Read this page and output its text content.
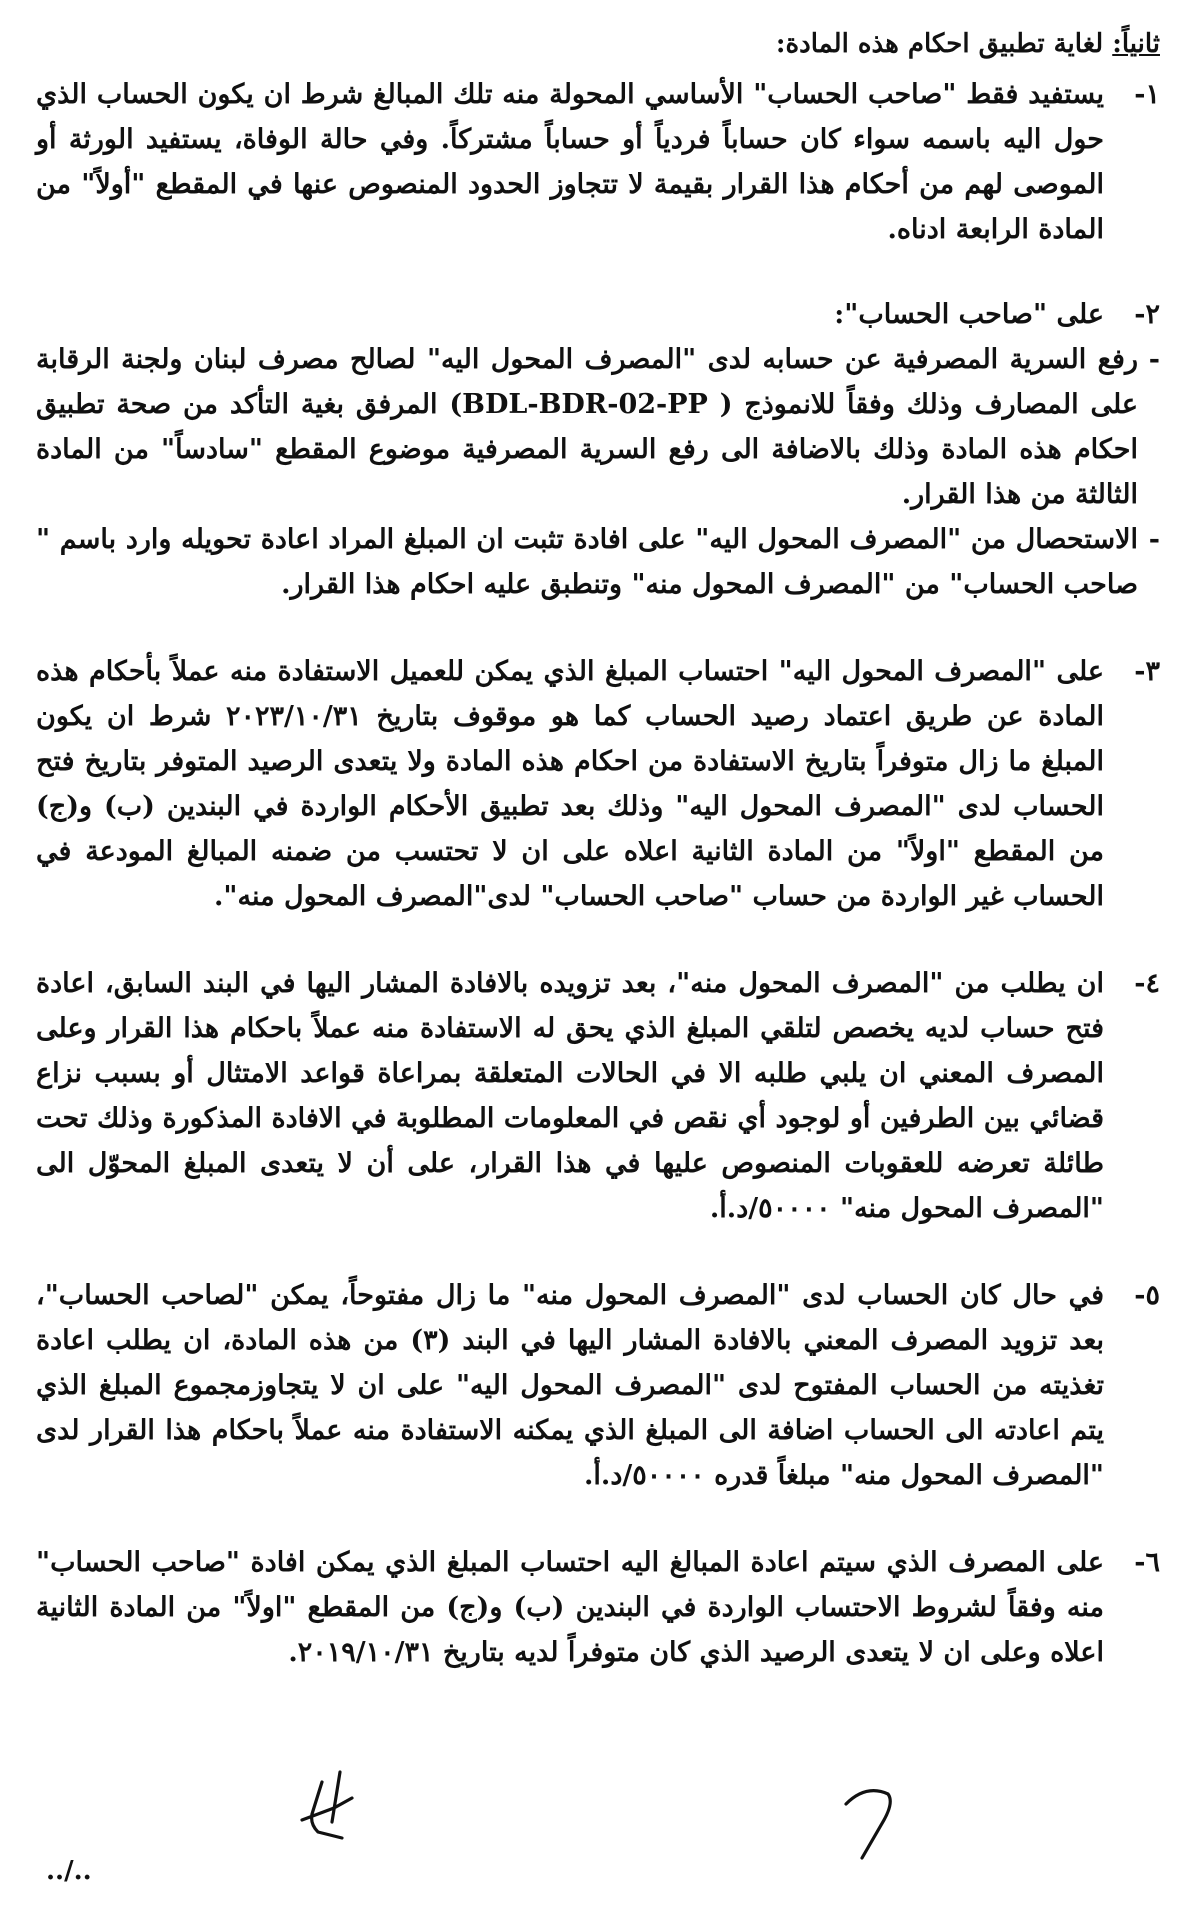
ثانياً: لغاية تطبيق احكام هذه المادة:
١-
يستفيد فقط "صاحب الحساب" الأساسي المحولة منه تلك المبالغ شرط ان يكون الحساب الذي حول اليه باسمه سواء كان حساباً فردياً أو حساباً مشتركاً. وفي حالة الوفاة، يستفيد الورثة أو الموصى لهم من أحكام هذا القرار بقيمة لا تتجاوز الحدود المنصوص عنها في المقطع "أولاً" من المادة الرابعة ادناه.
٢-
على "صاحب الحساب":
-
رفع السرية المصرفية عن حسابه لدى "المصرف المحول اليه" لصالح مصرف لبنان ولجنة الرقابة على المصارف وذلك وفقاً للانموذج ( BDL-BDR-02-PP) المرفق بغية التأكد من صحة تطبيق احكام هذه المادة وذلك بالاضافة الى رفع السرية المصرفية موضوع المقطع "سادساً" من المادة الثالثة من هذا القرار.
-
الاستحصال من "المصرف المحول اليه" على افادة تثبت ان المبلغ المراد اعادة تحويله وارد باسم " صاحب الحساب" من "المصرف المحول منه" وتنطبق عليه احكام هذا القرار.
٣-
على "المصرف المحول اليه" احتساب المبلغ الذي يمكن للعميل الاستفادة منه عملاً بأحكام هذه المادة عن طريق اعتماد رصيد الحساب كما هو موقوف بتاريخ ٢٠٢٣/١٠/٣١ شرط ان يكون المبلغ ما زال متوفراً بتاريخ الاستفادة من احكام هذه المادة ولا يتعدى الرصيد المتوفر بتاريخ فتح الحساب لدى "المصرف المحول اليه" وذلك بعد تطبيق الأحكام الواردة في البندين (ب) و(ج) من المقطع "اولاً" من المادة الثانية اعلاه على ان لا تحتسب من ضمنه المبالغ المودعة في الحساب غير الواردة من حساب "صاحب الحساب" لدى"المصرف المحول منه".
٤-
ان يطلب من "المصرف المحول منه"، بعد تزويده بالافادة المشار اليها في البند السابق، اعادة فتح حساب لديه يخصص لتلقي المبلغ الذي يحق له الاستفادة منه عملاً باحكام هذا القرار وعلى المصرف المعني ان يلبي طلبه الا في الحالات المتعلقة بمراعاة قواعد الامتثال أو بسبب نزاع قضائي بين الطرفين أو لوجود أي نقص في المعلومات المطلوبة في الافادة المذكورة وذلك تحت طائلة تعرضه للعقوبات المنصوص عليها في هذا القرار، على أن لا يتعدى المبلغ المحوّل الى "المصرف المحول منه" ٥٠٠٠٠/د.أ.
٥-
في حال كان الحساب لدى "المصرف المحول منه" ما زال مفتوحاً، يمكن "لصاحب الحساب"، بعد تزويد المصرف المعني بالافادة المشار اليها في البند (٣) من هذه المادة، ان يطلب اعادة تغذيته من الحساب المفتوح لدى "المصرف المحول اليه" على ان لا يتجاوزمجموع المبلغ الذي يتم اعادته الى الحساب اضافة الى المبلغ الذي يمكنه الاستفادة منه عملاً باحكام هذا القرار لدى "المصرف المحول منه" مبلغاً قدره ٥٠٠٠٠/د.أ.
٦-
على المصرف الذي سيتم اعادة المبالغ اليه احتساب المبلغ الذي يمكن افادة "صاحب الحساب" منه وفقاً لشروط الاحتساب الواردة في البندين (ب) و(ج) من المقطع "اولاً" من المادة الثانية اعلاه وعلى ان لا يتعدى الرصيد الذي كان متوفراً لديه بتاريخ ٢٠١٩/١٠/٣١.
../..
